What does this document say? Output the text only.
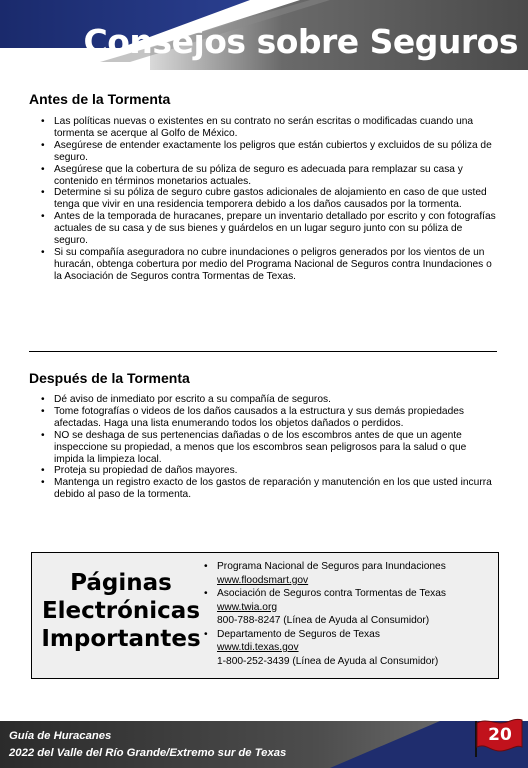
Consejos sobre Seguros
Antes de la Tormenta
• Las políticas nuevas o existentes en su contrato no serán escritas o modificadas cuando una tormenta se acerque al Golfo de México.
• Asegúrese de entender exactamente los peligros que están cubiertos y excluidos de su póliza de seguro.
• Asegúrese que la cobertura de su póliza de seguro es adecuada para remplazar su casa y contenido en términos monetarios actuales.
• Determine si su póliza de seguro cubre gastos adicionales de alojamiento en caso de que usted tenga que vivir en una residencia temporera debido a los daños causados por la tormenta.
• Antes de la temporada de huracanes, prepare un inventario detallado por escrito y con fotografías actuales de su casa y de sus bienes y guárdelos en un lugar seguro junto con su póliza de seguro.
• Si su compañía aseguradora no cubre inundaciones o peligros generados por los vientos de un huracán, obtenga cobertura por medio del Programa Nacional de Seguros contra Inundaciones o la Asociación de Seguros contra Tormentas de Texas.
Después de la Tormenta
• Dé aviso de inmediato por escrito a su compañía de seguros.
• Tome fotografías o videos de los daños causados a la estructura y sus demás propiedades afectadas. Haga una lista enumerando todos los objetos dañados o perdidos.
• NO se deshaga de sus pertenencias dañadas o de los escombros antes de que un agente inspeccione su propiedad, a menos que los escombros sean peligrosos para la salud o que impida la limpieza local.
• Proteja su propiedad de daños mayores.
• Mantenga un registro exacto de los gastos de reparación y manutención en los que usted incurra debido al paso de la tormenta.
Páginas
Electrónicas
Importantes
• Programa Nacional de Seguros para Inundaciones
www.floodsmart.gov
• Asociación de Seguros contra Tormentas de Texas
www.twia.org
800-788-8247 (Línea de Ayuda al Consumidor)
• Departamento de Seguros de Texas
www.tdi.texas.gov
1-800-252-3439 (Línea de Ayuda al Consumidor)
Guía de Huracanes
2022 del Valle del Río Grande/Extremo sur de Texas
20
